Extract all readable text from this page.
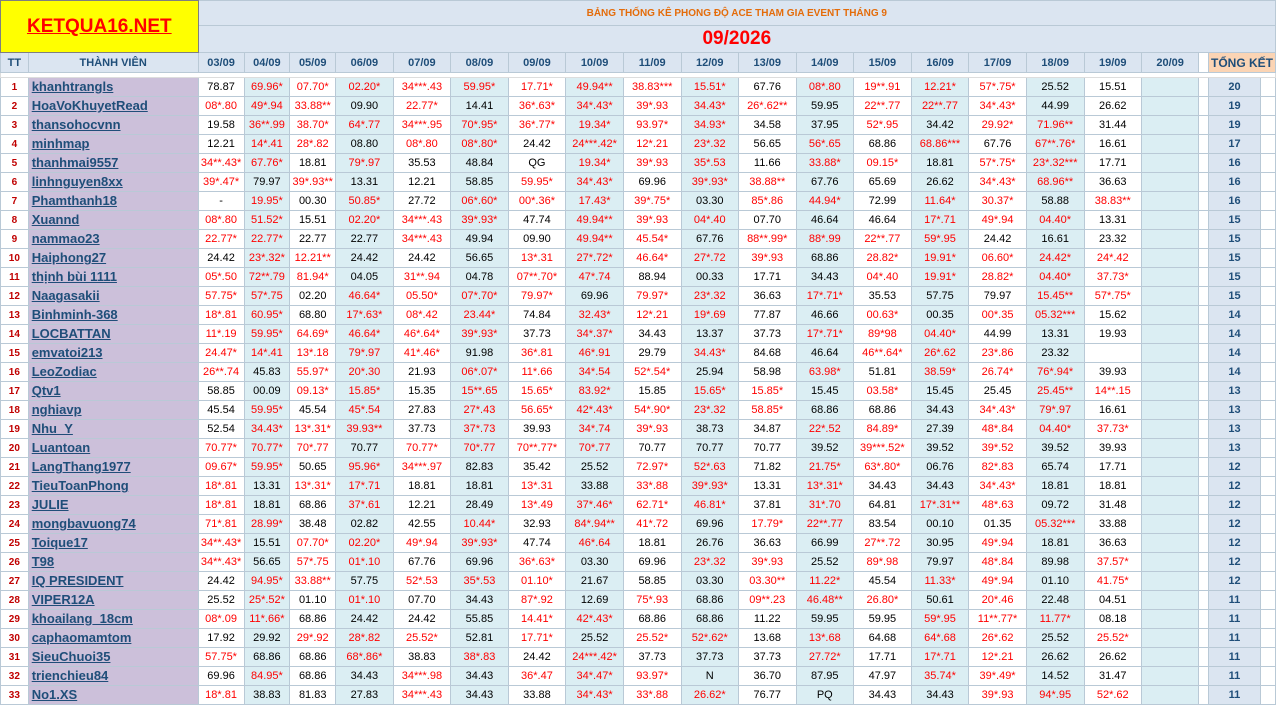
KETQUA16.NET		BẢNG THỐNG KÊ PHONG ĐỘ ACE THAM GIA EVENT THÁNG 9																				
		09/2026																				
TT	THÀNH VIÊN	03/09	04/09	05/09	06/09	07/09	08/09	09/09	10/09	11/09	12/09	13/09	14/09	15/09	16/09	17/09	18/09	19/09	20/09		TỔNG KẾT	

1	khanhtrangls	78.87	69.96*	07.70*	02.20*	34***.43	59.95*	17.71*	49.94**	38.83***	15.51*	67.76	08*.80	19**.91	12.21*	57*.75*	25.52	15.51			20	
2	HoaVoKhuyetRead	08*.80	49*.94	33.88**	09.90	22.77*	14.41	36*.63*	34*.43*	39*.93	34.43*	26*.62**	59.95	22**.77	22**.77	34*.43*	44.99	26.62			19	
3	thansohocvnn	19.58	36**.99	38.70*	64*.77	34***.95	70*.95*	36*.77*	19.34*	93.97*	34.93*	34.58	37.95	52*.95	34.42	29.92*	71.96**	31.44			19	
4	minhmap	12.21	14*.41	28*.82	08.80	08*.80	08*.80*	24.42	24***.42*	12*.21	23*.32	56.65	56*.65	68.86	68.86***	67.76	67**.76*	16.61			17	
5	thanhmai9557	34**.43*	67.76*	18.81	79*.97	35.53	48.84	QG	19.34*	39*.93	35*.53	11.66	33.88*	09.15*	18.81	57*.75*	23*.32***	17.71			16	
6	linhnguyen8xx	39*.47*	79.97	39*.93**	13.31	12.21	58.85	59.95*	34*.43*	69.96	39*.93*	38.88**	67.76	65.69	26.62	34*.43*	68.96**	36.63			16	
7	Phamthanh18	-	19.95*	00.30	50.85*	27.72	06*.60*	00*.36*	17.43*	39*.75*	03.30	85*.86	44.94*	72.99	11.64*	30.37*	58.88	38.83**			16	
8	Xuannd	08*.80	51.52*	15.51	02.20*	34***.43	39*.93*	47.74	49.94**	39*.93	04*.40	07.70	46.64	46.64	17*.71	49*.94	04.40*	13.31			15	
9	nammao23	22.77*	22.77*	22.77	22.77	34***.43	49.94	09.90	49.94**	45.54*	67.76	88**.99*	88*.99	22**.77	59*.95	24.42	16.61	23.32			15	
10	Haiphong27	24.42	23*.32*	12.21**	24.42	24.42	56.65	13*.31	27*.72*	46.64*	27*.72	39*.93	68.86	28.82*	19.91*	06.60*	24.42*	24*.42			15	
11	thịnh bùi 1111	05*.50	72**.79	81.94*	04.05	31**.94	04.78	07**.70*	47*.74	88.94	00.33	17.71	34.43	04*.40	19.91*	28.82*	04.40*	37.73*			15	
12	Naagasakii	57.75*	57*.75	02.20	46.64*	05.50*	07*.70*	79.97*	69.96	79.97*	23*.32	36.63	17*.71*	35.53	57.75	79.97	15.45**	57*.75*			15	
13	Binhminh-368	18*.81	60.95*	68.80	17*.63*	08*.42	23.44*	74.84	32.43*	12*.21	19*.69	77.87	46.66	00.63*	00.35	00*.35	05.32***	15.62			14	
14	LOCBATTAN	11*.19	59.95*	64.69*	46.64*	46*.64*	39*.93*	37.73	34*.37*	34.43	13.37	37.73	17*.71*	89*98	04.40*	44.99	13.31	19.93			14	
15	emvatoi213	24.47*	14*.41	13*.18	79*.97	41*.46*	91.98	36*.81	46*.91	29.79	34.43*	84.68	46.64	46**.64*	26*.62	23*.86	23.32				14	
16	LeoZodiac	26**.74	45.83	55.97*	20*.30	21.93	06*.07*	11*.66	34*.54	52*.54*	25.94	58.98	63.98*	51.81	38.59*	26.74*	76*.94*	39.93			14	
17	Qtv1	58.85	00.09	09.13*	15.85*	15.35	15**.65	15.65*	83.92*	15.85	15.65*	15.85*	15.45	03.58*	15.45	25.45	25.45**	14**.15			13	
18	nghiavp	45.54	59.95*	45.54	45*.54	27.83	27*.43	56.65*	42*.43*	54*.90*	23*.32	58.85*	68.86	68.86	34.43	34*.43*	79*.97	16.61			13	
19	Nhu_Y	52.54	34.43*	13*.31*	39.93**	37.73	37*.73	39.93	34*.74	39*.93	38.73	34.87	22*.52	84.89*	27.39	48*.84	04.40*	37.73*			13	
20	Luantoan	70.77*	70.77*	70*.77	70.77	70.77*	70*.77	70**.77*	70*.77	70.77	70.77	70.77	39.52	39***.52*	39.52	39*.52	39.52	39.93			13	
21	LangThang1977	09.67*	59.95*	50.65	95.96*	34***.97	82.83	35.42	25.52	72.97*	52*.63	71.82	21.75*	63*.80*	06.76	82*.83	65.74	17.71			12	
22	TieuToanPhong	18*.81	13.31	13*.31*	17*.71	18.81	18.81	13*.31	33.88	33*.88	39*.93*	13.31	13*.31*	34.43	34.43	34*.43*	18.81	18.81			12	
23	JULIE	18*.81	18.81	68.86	37*.61	12.21	28.49	13*.49	37*.46*	62.71*	46.81*	37.81	31*.70	64.81	17*.31**	48*.63	09.72	31.48			12	
24	mongbavuong74	71*.81	28.99*	38.48	02.82	42.55	10.44*	32.93	84*.94**	41*.72	69.96	17.79*	22**.77	83.54	00.10	01.35	05.32***	33.88			12	
25	Toique17	34**.43*	15.51	07.70*	02.20*	49*.94	39*.93*	47.74	46*.64	18.81	26.76	36.63	66.99	27**.72	30.95	49*.94	18.81	36.63			12	
26	T98	34**.43*	56.65	57*.75	01*.10	67.76	69.96	36*.63*	03.30	69.96	23*.32	39*.93	25.52	89*.98	79.97	48*.84	89.98	37.57*			12	
27	IQ PRESIDENT	24.42	94.95*	33.88**	57.75	52*.53	35*.53	01.10*	21.67	58.85	03.30	03.30**	11.22*	45.54	11.33*	49*.94	01.10	41.75*			12	
28	VIPER12A	25.52	25*.52*	01.10	01*.10	07.70	34.43	87*.92	12.69	75*.93	68.86	09**.23	46.48**	26.80*	50.61	20*.46	22.48	04.51			11	
29	khoailang_18cm	08*.09	11*.66*	68.86	24.42	24.42	55.85	14.41*	42*.43*	68.86	68.86	11.22	59.95	59.95	59*.95	11**.77*	11.77*	08.18			11	
30	caphaomamtom	17.92	29.92	29*.92	28*.82	25.52*	52.81	17.71*	25.52	25.52*	52*.62*	13.68	13*.68	64.68	64*.68	26*.62	25.52	25.52*			11	
31	SieuChuoi35	57.75*	68.86	68.86	68*.86*	38.83	38*.83	24.42	24***.42*	37.73	37.73	37.73	27.72*	17.71	17*.71	12*.21	26.62	26.62			11	
32	trienchieu84	69.96	84.95*	68.86	34.43	34***.98	34.43	36*.47	34*.47*	93.97*	N	36.70	87.95	47.97	35.74*	39*.49*	14.52	31.47			11	
33	No1.XS	18*.81	38.83	81.83	27.83	34***.43	34.43	33.88	34*.43*	33*.88	26.62*	76.77	PQ	34.43	34.43	39*.93	94*.95	52*.62			11	
